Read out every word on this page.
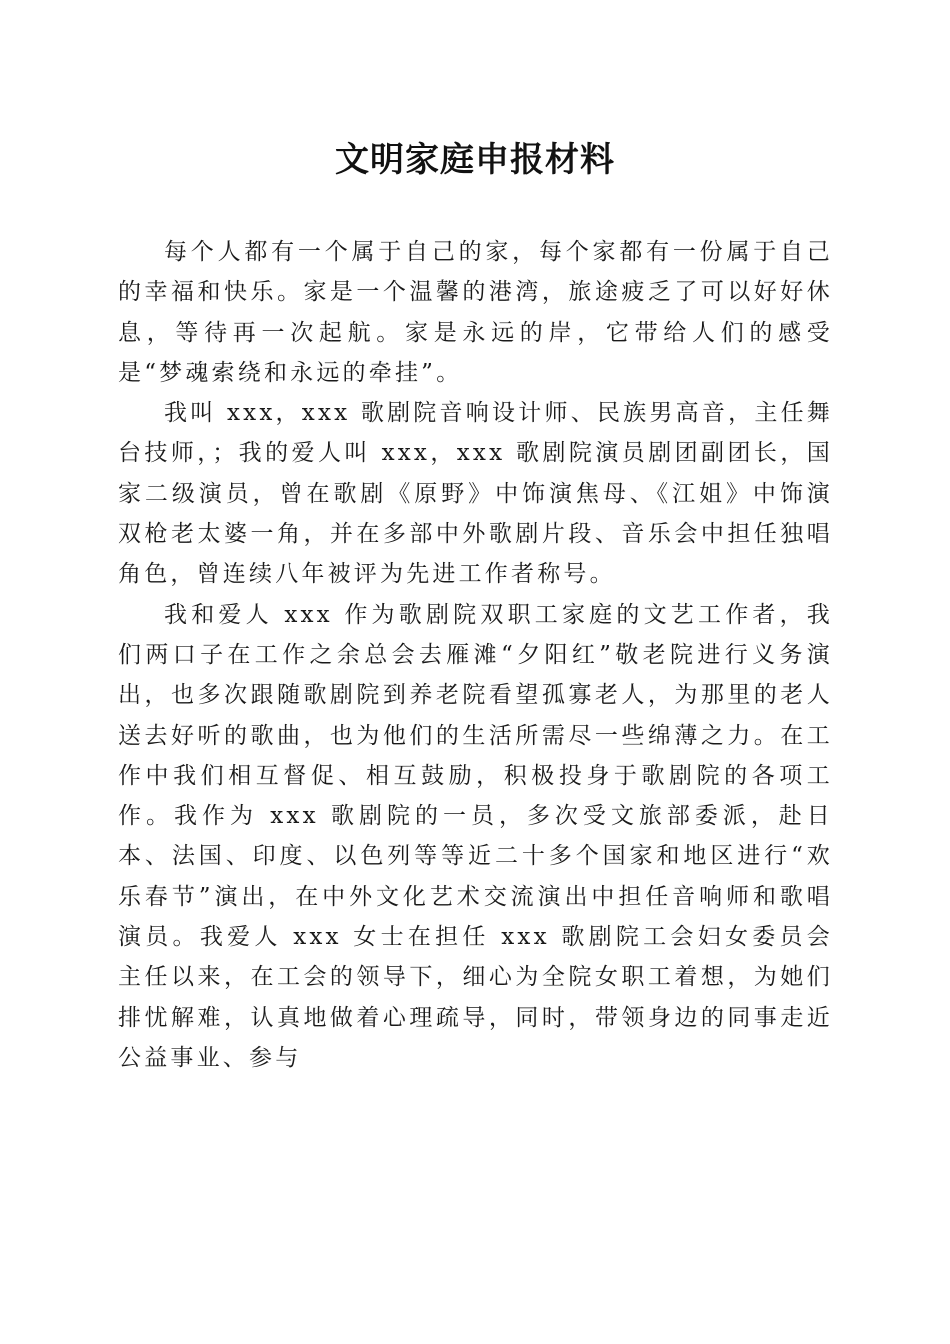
文明家庭申报材料

每个人都有一个属于自己的家，每个家都有一份属于自己的幸福和快乐。家是一个温馨的港湾，旅途疲乏了可以好好休息，等待再一次起航。家是永远的岸，它带给人们的感受是“梦魂索绕和永远的牵挂”。

我叫 xxx，xxx 歌剧院音响设计师、民族男高音，主任舞台技师，；我的爱人叫 xxx，xxx 歌剧院演员剧团副团长，国家二级演员，曾在歌剧《原野》中饰演焦母、《江姐》中饰演双枪老太婆一角，并在多部中外歌剧片段、音乐会中担任独唱角色，曾连续八年被评为先进工作者称号。

我和爱人 xxx 作为歌剧院双职工家庭的文艺工作者，我们两口子在工作之余总会去雁滩“夕阳红”敬老院进行义务演出，也多次跟随歌剧院到养老院看望孤寡老人，为那里的老人送去好听的歌曲，也为他们的生活所需尽一些绵薄之力。在工作中我们相互督促、相互鼓励，积极投身于歌剧院的各项工作。我作为 xxx 歌剧院的一员，多次受文旅部委派，赴日本、法国、印度、以色列等等近二十多个国家和地区进行“欢乐春节”演出，在中外文化艺术交流演出中担任音响师和歌唱演员。我爱人 xxx 女士在担任 xxx 歌剧院工会妇女委员会主任以来，在工会的领导下，细心为全院女职工着想，为她们排忧解难，认真地做着心理疏导，同时，带领身边的同事走近公益事业、参与
